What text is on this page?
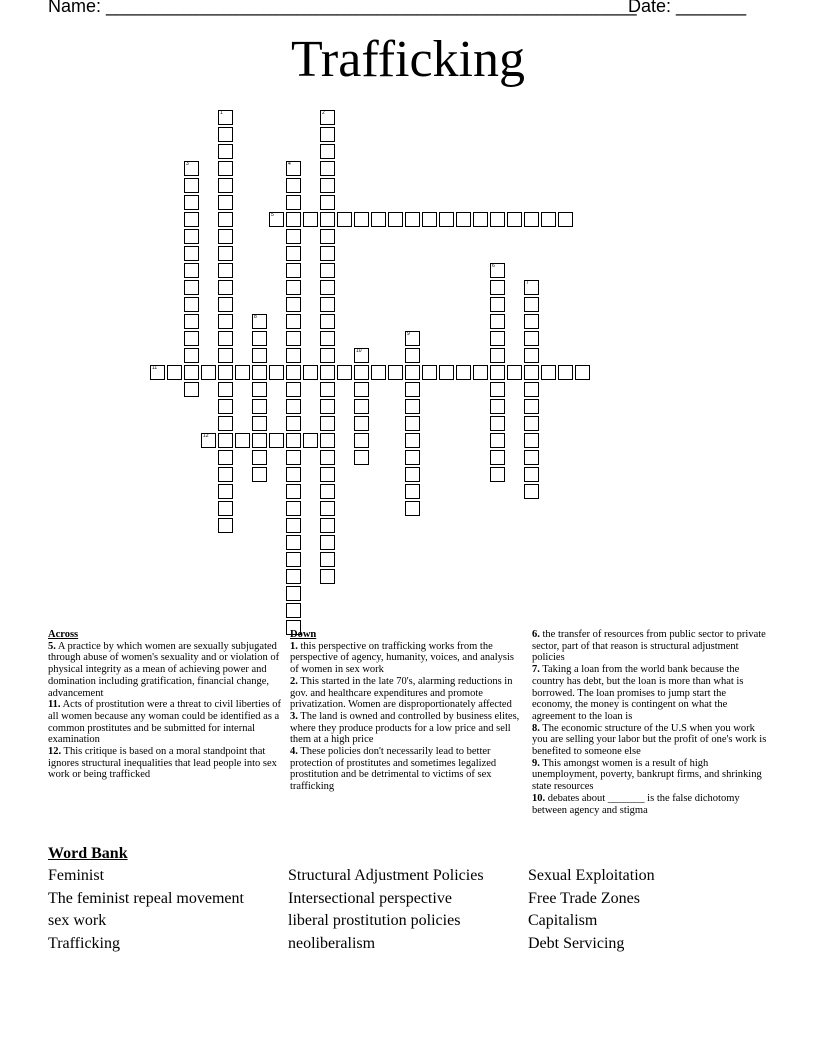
Name: _____________________________________________________
Date: _______
Trafficking
1	2
3	4
5
6
7
8
9
10
11
12
Across

5. A practice by which women are sexually subjugated through abuse of women's sexuality and or violation of physical integrity as a mean of achieving power and domination including gratification, financial change, advancement

11. Acts of prostitution were a threat to civil liberties of all women because any woman could be identified as a common prostitutes and be submitted for internal examination

12. This critique is based on a moral standpoint that ignores structural inequalities that lead people into sex work or being trafficked

Down

1. this perspective on trafficking works from the perspective of agency, humanity, voices, and analysis of women in sex work

2. This started in the late 70's, alarming reductions in gov. and healthcare expenditures and promote privatization. Women are disproportionately affected

3. The land is owned and controlled by business elites, where they produce products for a low price and sell them at a high price

4. These policies don't necessarily lead to better protection of prostitutes and sometimes legalized prostitution and be detrimental to victims of sex trafficking

6. the transfer of resources from public sector to private sector, part of that reason is structural adjustment policies

7. Taking a loan from the world bank because the country has debt, but the loan is more than what is borrowed. The loan promises to jump start the economy, the money is contingent on what the agreement to the loan is

8. The economic structure of the U.S when you work you are selling your labor but the profit of one's work is benefited to someone else

9. This amongst women is a result of high unemployment, poverty, bankrupt firms, and shrinking state resources

10. debates about _______ is the false dichotomy between agency and stigma

Word Bank
Feminist	Structural Adjustment Policies	Sexual Exploitation
The feminist repeal movement	Intersectional perspective	Free Trade Zones
sex work	liberal prostitution policies	Capitalism
Trafficking	neoliberalism	Debt Servicing
